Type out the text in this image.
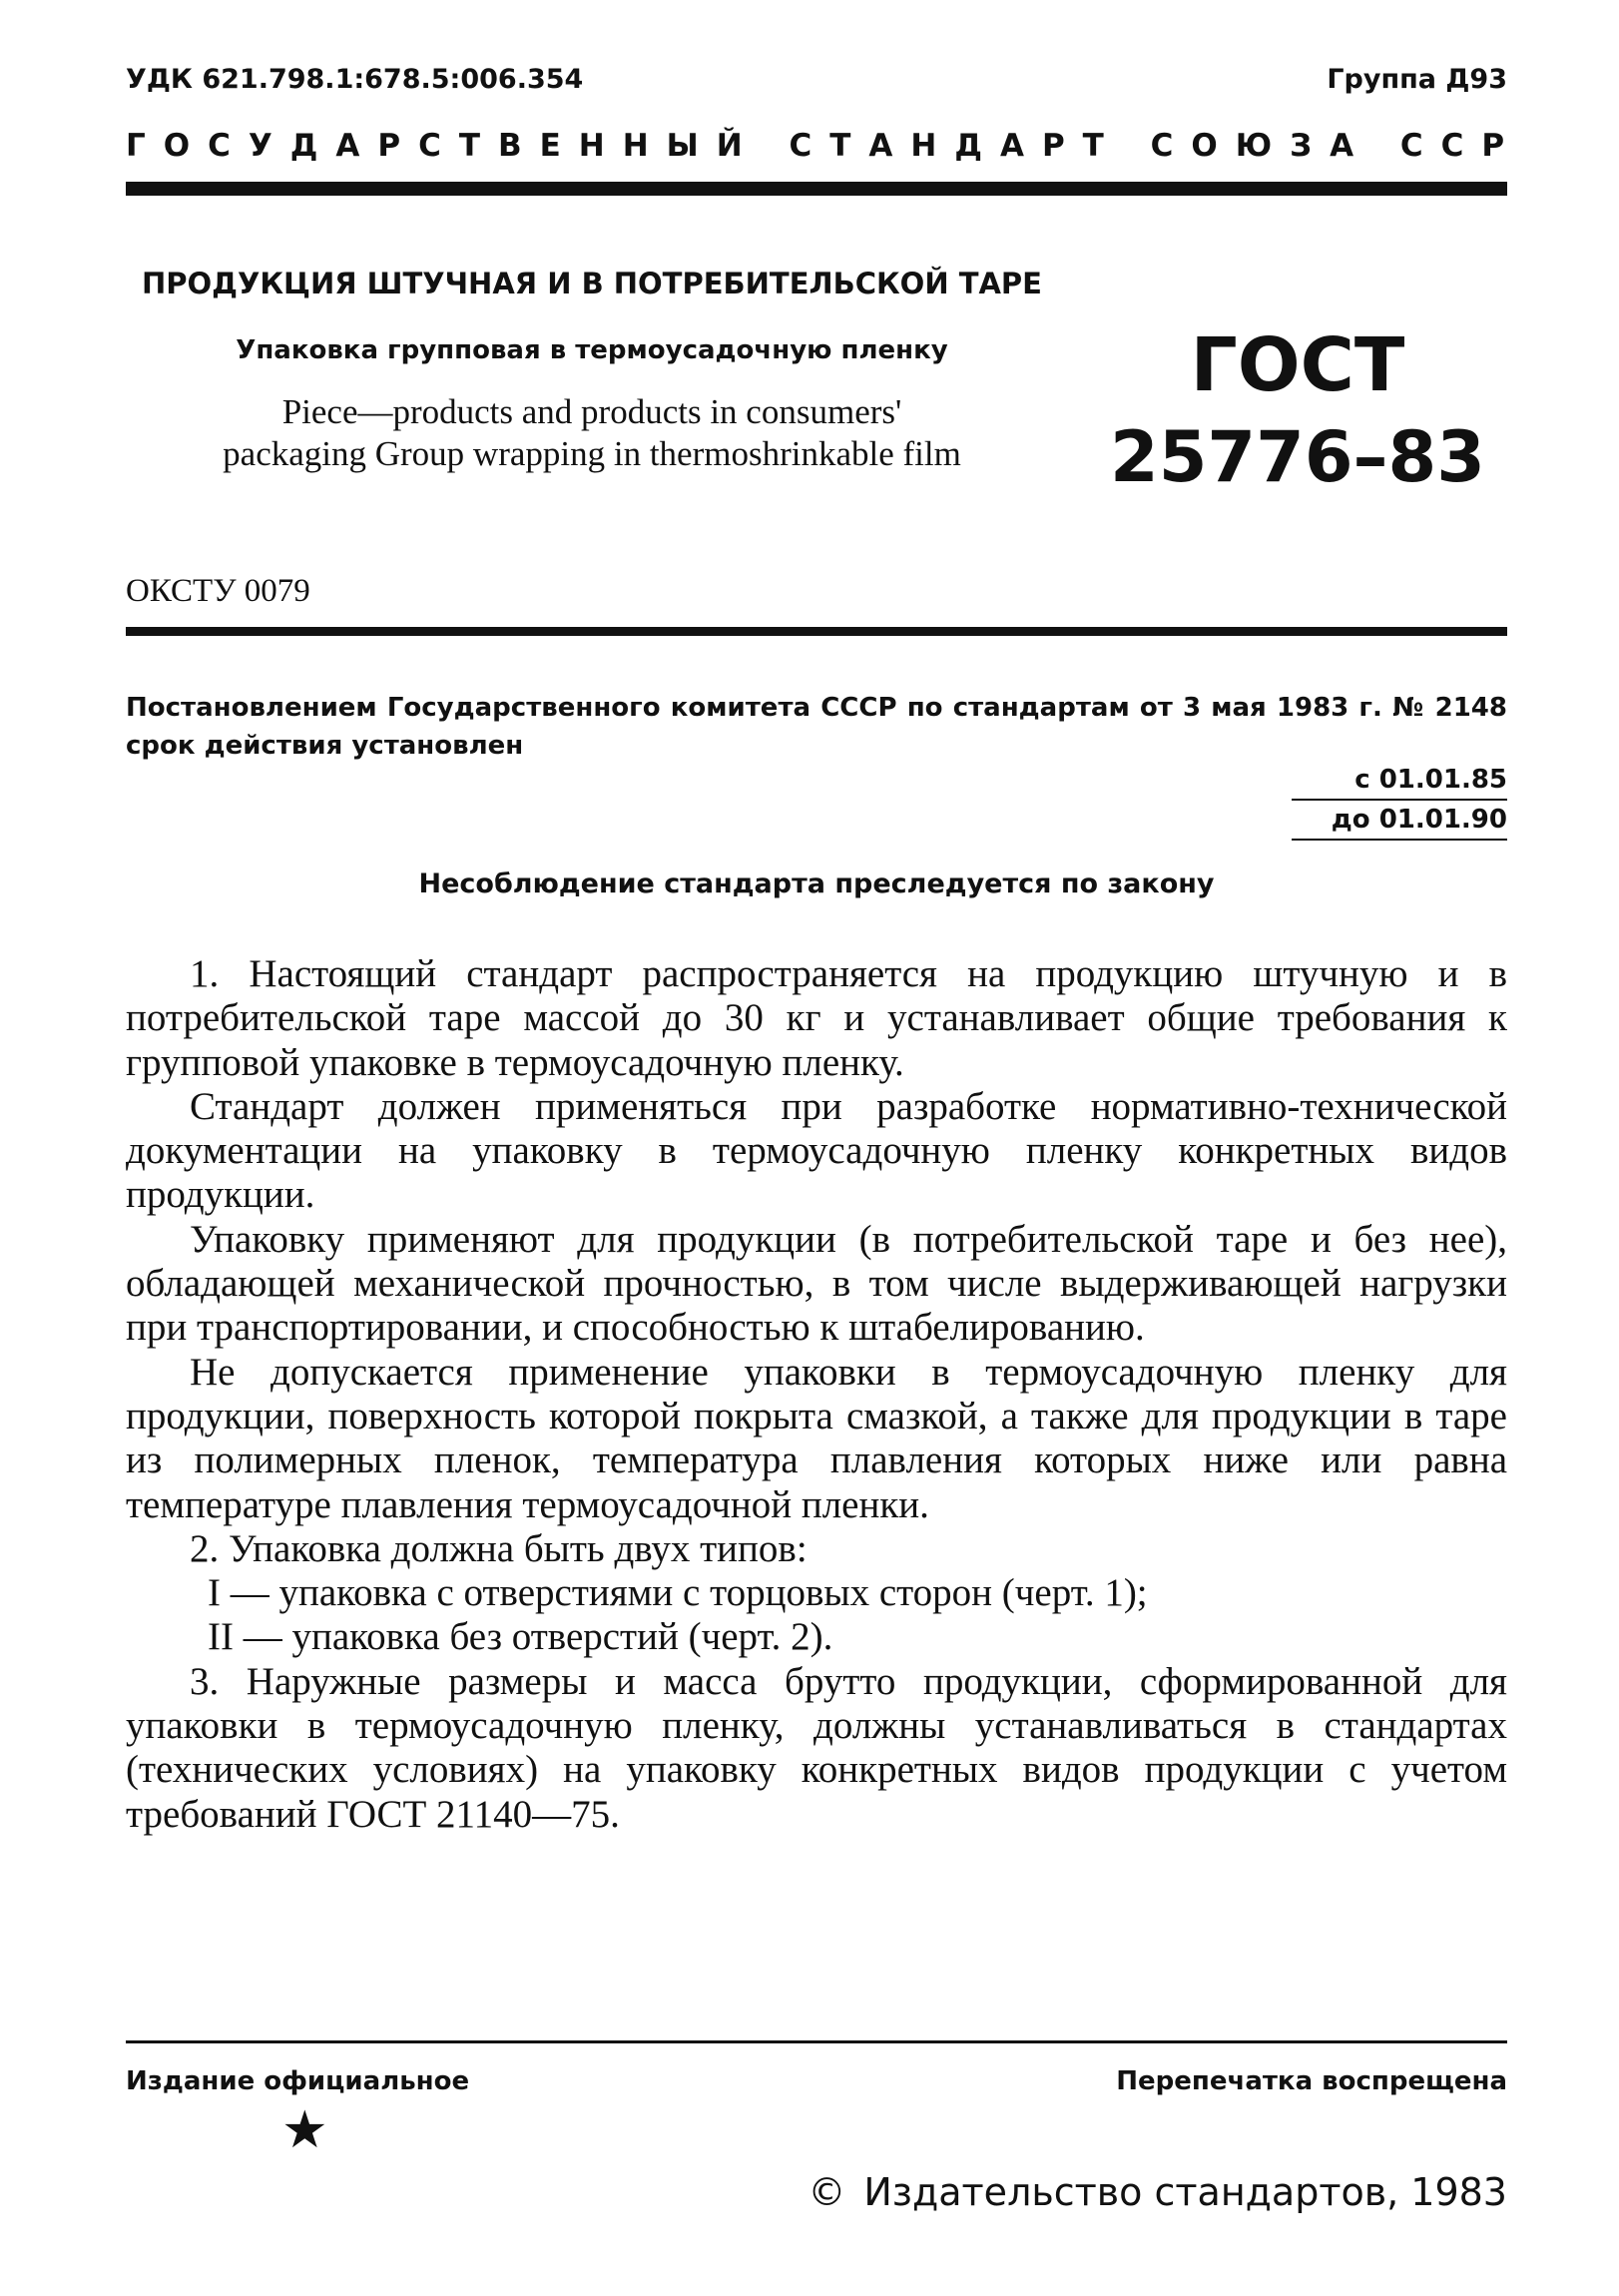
УДК 621.798.1:678.5:006.354	Группа Д93
ГОСУДАРСТВЕННЫЙ СТАНДАРТ СОЮЗА ССР

ПРОДУКЦИЯ ШТУЧНАЯ И В ПОТРЕБИТЕЛЬСКОЙ ТАРЕ

Упаковка групповая в термоусадочную пленку

Piece—products and products in consumers'
packaging Group wrapping in thermoshrinkable film
ГОСТ
25776–83
ОКСТУ 0079
Постановлением Государственного комитета СССР по стандартам от 3 мая 1983 г. № 2148 срок действия установлен
с 01.01.85
до 01.01.90
Несоблюдение стандарта преследуется по закону

1. Настоящий стандарт распространяется на продукцию штучную и в потребительской таре массой до 30 кг и устанавливает общие требования к групповой упаковке в термоусадочную пленку.

Стандарт должен применяться при разработке нормативно-технической документации на упаковку в термоусадочную пленку конкретных видов продукции.

Упаковку применяют для продукции (в потребительской таре и без нее), обладающей механической прочностью, в том числе выдерживающей нагрузки при транспортировании, и способностью к штабелированию.

Не допускается применение упаковки в термоусадочную пленку для продукции, поверхность которой покрыта смазкой, а также для продукции в таре из полимерных пленок, температура плавления которых ниже или равна температуре плавления термоусадочной пленки.

2. Упаковка должна быть двух типов:

I — упаковка с отверстиями с торцовых сторон (черт. 1);

II — упаковка без отверстий (черт. 2).

3. Наружные размеры и масса брутто продукции, сформированной для упаковки в термоусадочную пленку, должны устанавливаться в стандартах (технических условиях) на упаковку конкретных видов продукции с учетом требований ГОСТ 21140—75.

Издание официальное	Перепечатка воспрещена
★
© Издательство стандартов, 1983
